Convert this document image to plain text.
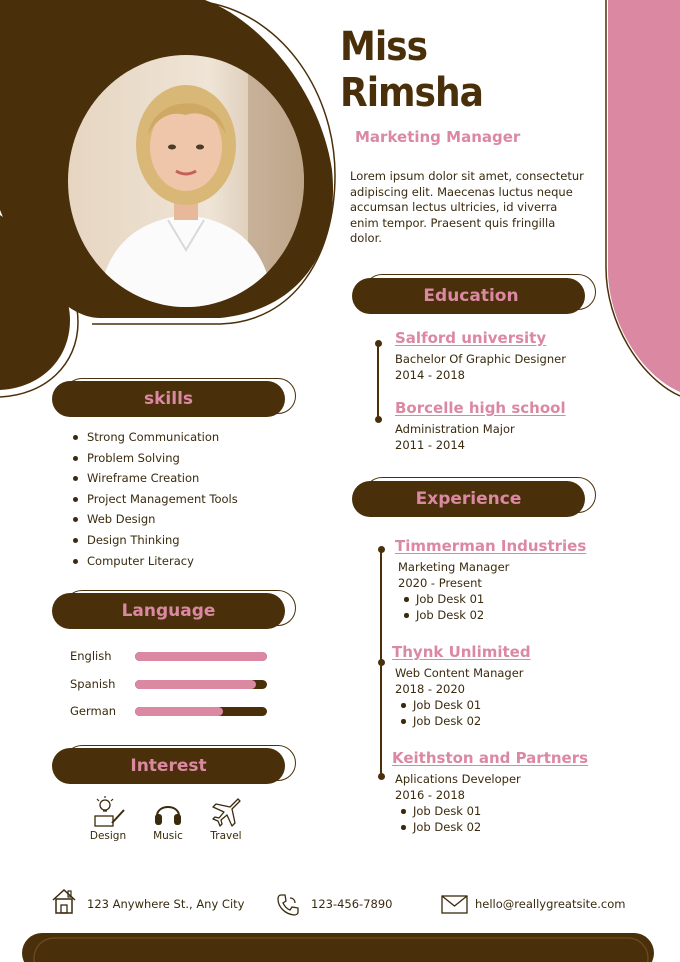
Miss Rimsha
Marketing Manager
Lorem ipsum dolor sit amet, consectetur adipiscing elit. Maecenas luctus neque accumsan lectus ultricies, id viverra enim tempor. Praesent quis fringilla dolor.
Education
Salford university
Bachelor Of Graphic Designer
2014 - 2018
Borcelle high school
Administration Major
2011 - 2014
Experience
Timmerman Industries
Marketing Manager
2020 - Present
Job Desk 01
Job Desk 02
Thynk Unlimited
Web Content Manager
2018 - 2020
Job Desk 01
Job Desk 02
Keithston and Partners
Aplications Developer
2016 - 2018
Job Desk 01
Job Desk 02
skills
Strong Communication
Problem Solving
Wireframe Creation
Project Management Tools
Web Design
Design Thinking
Computer Literacy
Language
English
Spanish
German
Interest
Design	Music	Travel
123 Anywhere St., Any City	123-456-7890	hello@reallygreatsite.com
